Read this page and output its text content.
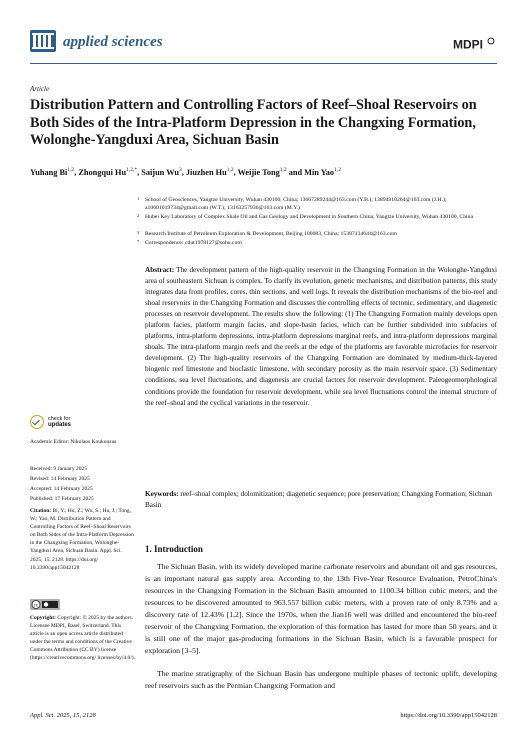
applied sciences	MDPI
Article
Distribution Pattern and Controlling Factors of Reef–Shoal Reservoirs on Both Sides of the Intra-Platform Depression in the Changxing Formation, Wolonghe-Yangduxi Area, Sichuan Basin
Yuhang Bi$^{1,2}$, Zhongqui $Hu^{1,2,*}$, Saijun Wu$^3$, Jiuzhen Hu$^{1,2}$, Weijie Tong$^{1,2}$ and Min Yao$^{1,2}$
1 School of Geosciences, Yangtze University, Wuhan 430100, China; 13667289244@163.com (Y.B.); 13894910264@163.com (J.H.); a10601019734@gmail.com (W.T.); 13163257936@163.com (M.Y.)
2 Hubei Key Laboratory of Complex Shale Oil and Gas Geology and Development in Southern China, Yangtze University, Wuhan 430100, China
3 Research Institute of Petroleum Exploration & Development, Beijing 100083, China; 15387134644@163.com
* Correspondence: cdut1978127@sohu.com
Abstract: The development pattern of the high-quality reservoir in the Changxing Formation in the Wolonghe-Yangduxi area of southeastern Sichuan is complex. To clarify its evolution, genetic mechanisms, and distribution patterns, this study integrates data from profiles, cores, thin sections, and well logs. It reveals the distribution mechanisms of the bio-reef and shoal reservoirs in the Changxing Formation and discusses the controlling effects of tectonic, sedimentary, and diagenetic processes on reservoir development. The results show the following: (1) The Changxing Formation mainly develops open platform facies, platform margin facies, and slope-basin facies, which can be further subdivided into subfacies of platforms, intra-platform depressions, intra-platform depressions marginal reefs, and intra-platform depressions marginal shoals. The intra-platform margin reefs and the reefs at the edge of the platforms are favorable microfacies for reservoir development. (2) The high-quality reservoirs of the Changxing Formation are dominated by medium-thick-layered biogenic reef limestone and bioclastic limestone, with secondary porosity as the main reservoir space. (3) Sedimentary conditions, sea level fluctuations, and diagenesis are crucial factors for reservoir development. Paleogeomorphological conditions provide the foundation for reservoir development, while sea level fluctuations control the internal structure of the reef–shoal and the cyclical variations in the reservoir.
Keywords: reef–shoal complex; dolomitization; diagenetic sequence; pore preservation; Changxing Formation; Sichuan Basin
check for
updates
Academic Editor: Nikolaos Koukouzas
Received: 9 January 2025
Revised: 14 February 2025
Accepted: 14 February 2025
Published: 17 February 2025
Citation: Bi, Y.; Hu, Z.; Wu, S.; Hu, J.; Tong, W.; Yao, M. Distribution Pattern and Controlling Factors of Reef–Shoal Reservoirs on Both Sides of the Intra-Platform Depression in the Changxing Formation, Wolonghe-Yangduxi Area, Sichuan Basin. Appl. Sci. 2025, 15, 2128. https://doi.org/ 10.3390/app15042128
cc
Copyright: Copyright: © 2025 by the authors. Licensee MDPI, Basel, Switzerland. This article is an open access article distributed under the terms and conditions of the Creative Commons Attribution (CC BY) license (https://creativecommons.org/ licenses/by/4.0/).
1. Introduction
The Sichuan Basin, with its widely developed marine carbonate reservoirs and abundant oil and gas resources, is an important natural gas supply area. According to the 13th Five-Year Resource Evaluation, PetroChina's resources in the Changxing Formation in the Sichuan Basin amounted to 1100.34 billion cubic meters, and the resources to be discovered amounted to 963.557 billion cubic meters, with a proven rate of only 8.73% and a discovery rate of 12.43% [1,2]. Since the 1970s, when the Jian16 well was drilled and encountered the bio-reef reservoir of the Changxing Formation, the exploration of this formation has lasted for more than 50 years, and it is still one of the major gas-producing formations in the Sichuan Basin, which is a favorable prospect for exploration [3–5].
The marine stratigraphy of the Sichuan Basin has undergone multiple phases of tectonic uplift, developing reef reservoirs such as the Permian Changxing Formation and
Appl. Sci. 2025, 15, 2128	https://doi.org/10.3390/app15042128
